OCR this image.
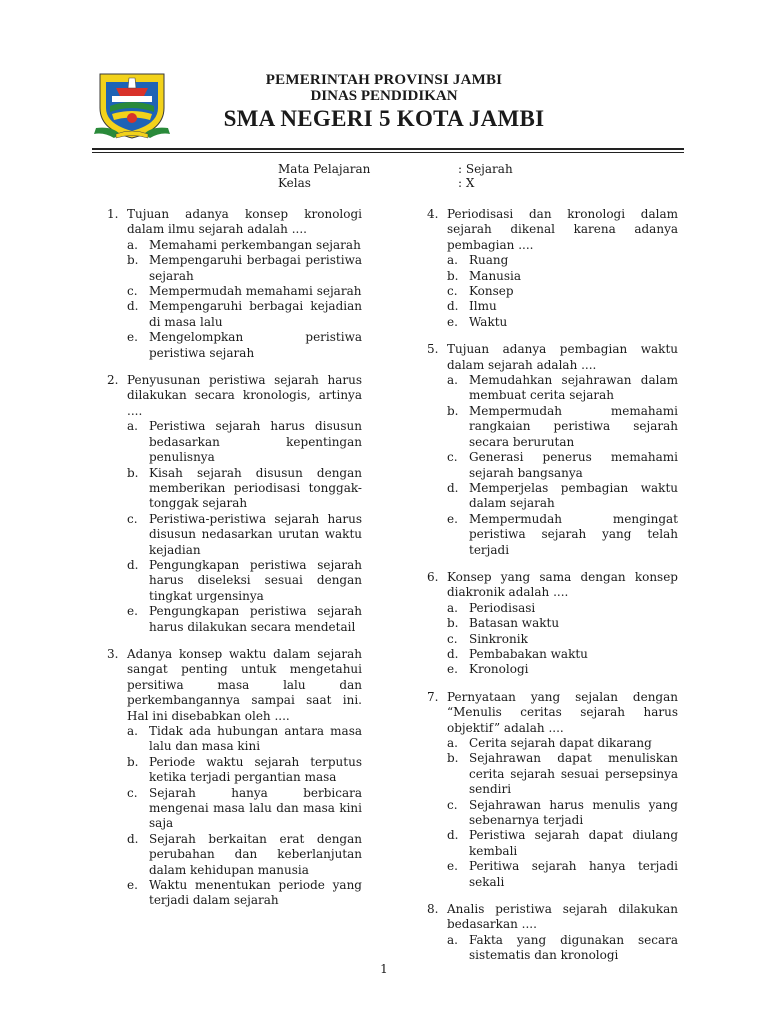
PEMERINTAH PROVINSI JAMBI
DINAS PENDIDIKAN
SMA NEGERI 5 KOTA JAMBI
Mata Pelajaran
Kelas
: Sejarah
: X
1. Tujuan adanya konsep kronologi dalam ilmu sejarah adalah ....
a. Memahami perkembangan sejarah
b. Mempengaruhi berbagai peristiwa sejarah
c. Mempermudah memahami sejarah
d. Mempengaruhi berbagai kejadian di masa lalu
e. Mengelompkan peristiwa peristiwa sejarah
2. Penyusunan peristiwa sejarah harus dilakukan secara kronologis, artinya ....
a. Peristiwa sejarah harus disusun bedasarkan kepentingan penulisnya
b. Kisah sejarah disusun dengan memberikan periodisasi tonggak-tonggak sejarah
c. Peristiwa-peristiwa sejarah harus disusun nedasarkan urutan waktu kejadian
d. Pengungkapan peristiwa sejarah harus diseleksi sesuai dengan tingkat urgensinya
e. Pengungkapan peristiwa sejarah harus dilakukan secara mendetail
3. Adanya konsep waktu dalam sejarah sangat penting untuk mengetahui persitiwa masa lalu dan perkembangannya sampai saat ini. Hal ini disebabkan oleh ....
a. Tidak ada hubungan antara masa lalu dan masa kini
b. Periode waktu sejarah terputus ketika terjadi pergantian masa
c. Sejarah hanya berbicara mengenai masa lalu dan masa kini saja
d. Sejarah berkaitan erat dengan perubahan dan keberlanjutan dalam kehidupan manusia
e. Waktu menentukan periode yang terjadi dalam sejarah
4. Periodisasi dan kronologi dalam sejarah dikenal karena adanya pembagian ....
a. Ruang
b. Manusia
c. Konsep
d. Ilmu
e. Waktu
5. Tujuan adanya pembagian waktu dalam sejarah adalah ....
a. Memudahkan sejahrawan dalam membuat cerita sejarah
b. Mempermudah memahami rangkaian peristiwa sejarah secara berurutan
c. Generasi penerus memahami sejarah bangsanya
d. Memperjelas pembagian waktu dalam sejarah
e. Mempermudah mengingat peristiwa sejarah yang telah terjadi
6. Konsep yang sama dengan konsep diakronik adalah ....
a. Periodisasi
b. Batasan waktu
c. Sinkronik
d. Pembabakan waktu
e. Kronologi
7. Pernyataan yang sejalan dengan “Menulis ceritas sejarah harus objektif” adalah ....
a. Cerita sejarah dapat dikarang
b. Sejahrawan dapat menuliskan cerita sejarah sesuai persepsinya sendiri
c. Sejahrawan harus menulis yang sebenarnya terjadi
d. Peristiwa sejarah dapat diulang kembali
e. Peritiwa sejarah hanya terjadi sekali
8. Analis peristiwa sejarah dilakukan bedasarkan ....
a. Fakta yang digunakan secara sistematis dan kronologi
1
